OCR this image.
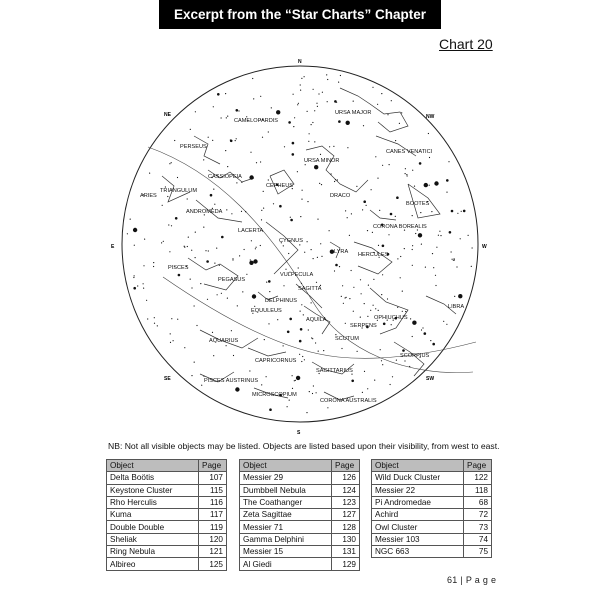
Excerpt from the “Star Charts” Chapter
Chart 20
N
NE	NW
E	W
SE	SW
S
URSA MAJOR
CAMELOPARDIS
CANES VENATICI
PERSEUS
URSA MINOR
CASSIOPEIA
CEPHEUS
DRACO
ARIES
TRIANGULUM
ANDROMEDA
BOOTES
CORONA BOREALIS
LACERTA
CYGNUS
LYRA HERCULES
PISCES
PEGASUS
VULPECULA
SAGITTA
DELPHINUS
EQUULEUS
AQUILA
SERPENS
OPHIUCHUS
LIBRA
AQUARIUS	SCUTUM
CAPRICORNUS
SCORPIUS
SAGITTARIUS
PISCES AUSTRINUS
MICROSCOPIUM
CORONA AUSTRALIS
NB: Not all visible objects may be listed. Objects are listed based upon their visibility, from west to east.
Object	Page
Delta Boötis	107
Keystone Cluster	115
Rho Herculis	116
Kuma	117
Double Double	119
Sheliak	120
Ring Nebula	121
Albireo	125
Object	Page
Messier 29	126
Dumbbell Nebula	124
The Coathanger	123
Zeta Sagittae	127
Messier 71	128
Gamma Delphini	130
Messier 15	131
Al Giedi	129
Object	Page
Wild Duck Cluster	122
Messier 22	118
Pi Andromedae	68
Achird	72
Owl Cluster	73
Messier 103	74
NGC 663	75
61 | P a g e
